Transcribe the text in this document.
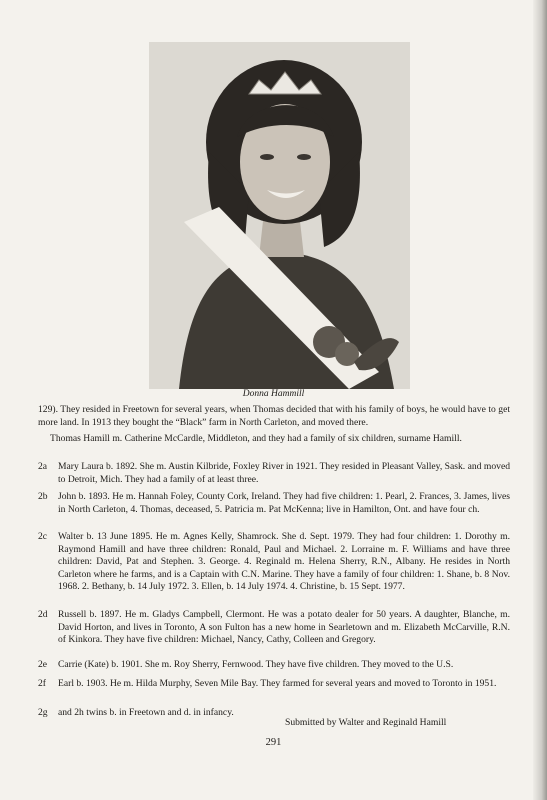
Donna Hammill
129). They resided in Freetown for several years, when Thomas decided that with his family of boys, he would have to get more land. In 1913 they bought the “Black” farm in North Carleton, and moved there.
Thomas Hamill m. Catherine McCardle, Middleton, and they had a family of six children, surname Hamill.
2a	Mary Laura b. 1892. She m. Austin Kilbride, Foxley River in 1921. They resided in Pleasant Valley, Sask. and moved to Detroit, Mich. They had a family of at least three.
2b	John b. 1893. He m. Hannah Foley, County Cork, Ireland. They had five children: 1. Pearl, 2. Frances, 3. James, lives in North Carleton, 4. Thomas, deceased, 5. Patricia m. Pat McKenna; live in Hamilton, Ont. and have four ch.
2c	Walter b. 13 June 1895. He m. Agnes Kelly, Shamrock. She d. Sept. 1979. They had four children: 1. Dorothy m. Raymond Hamill and have three children: Ronald, Paul and Michael. 2. Lorraine m. F. Williams and have three children: David, Pat and Stephen. 3. George. 4. Reginald m. Helena Sherry, R.N., Albany. He resides in North Carleton where he farms, and is a Captain with C.N. Marine. They have a family of four children: 1. Shane, b. 8 Nov. 1968. 2. Bethany, b. 14 July 1972. 3. Ellen, b. 14 July 1974. 4. Christine, b. 15 Sept. 1977.
2d	Russell b. 1897. He m. Gladys Campbell, Clermont. He was a potato dealer for 50 years. A daughter, Blanche, m. David Horton, and lives in Toronto, A son Fulton has a new home in Searletown and m. Elizabeth McCarville, R.N. of Kinkora. They have five children: Michael, Nancy, Cathy, Colleen and Gregory.
2e	Carrie (Kate) b. 1901. She m. Roy Sherry, Fernwood. They have five children. They moved to the U.S.
2f	Earl b. 1903. He m. Hilda Murphy, Seven Mile Bay. They farmed for several years and moved to Toronto in 1951.
2g	and 2h twins b. in Freetown and d. in infancy.
Submitted by Walter and Reginald Hamill
291
